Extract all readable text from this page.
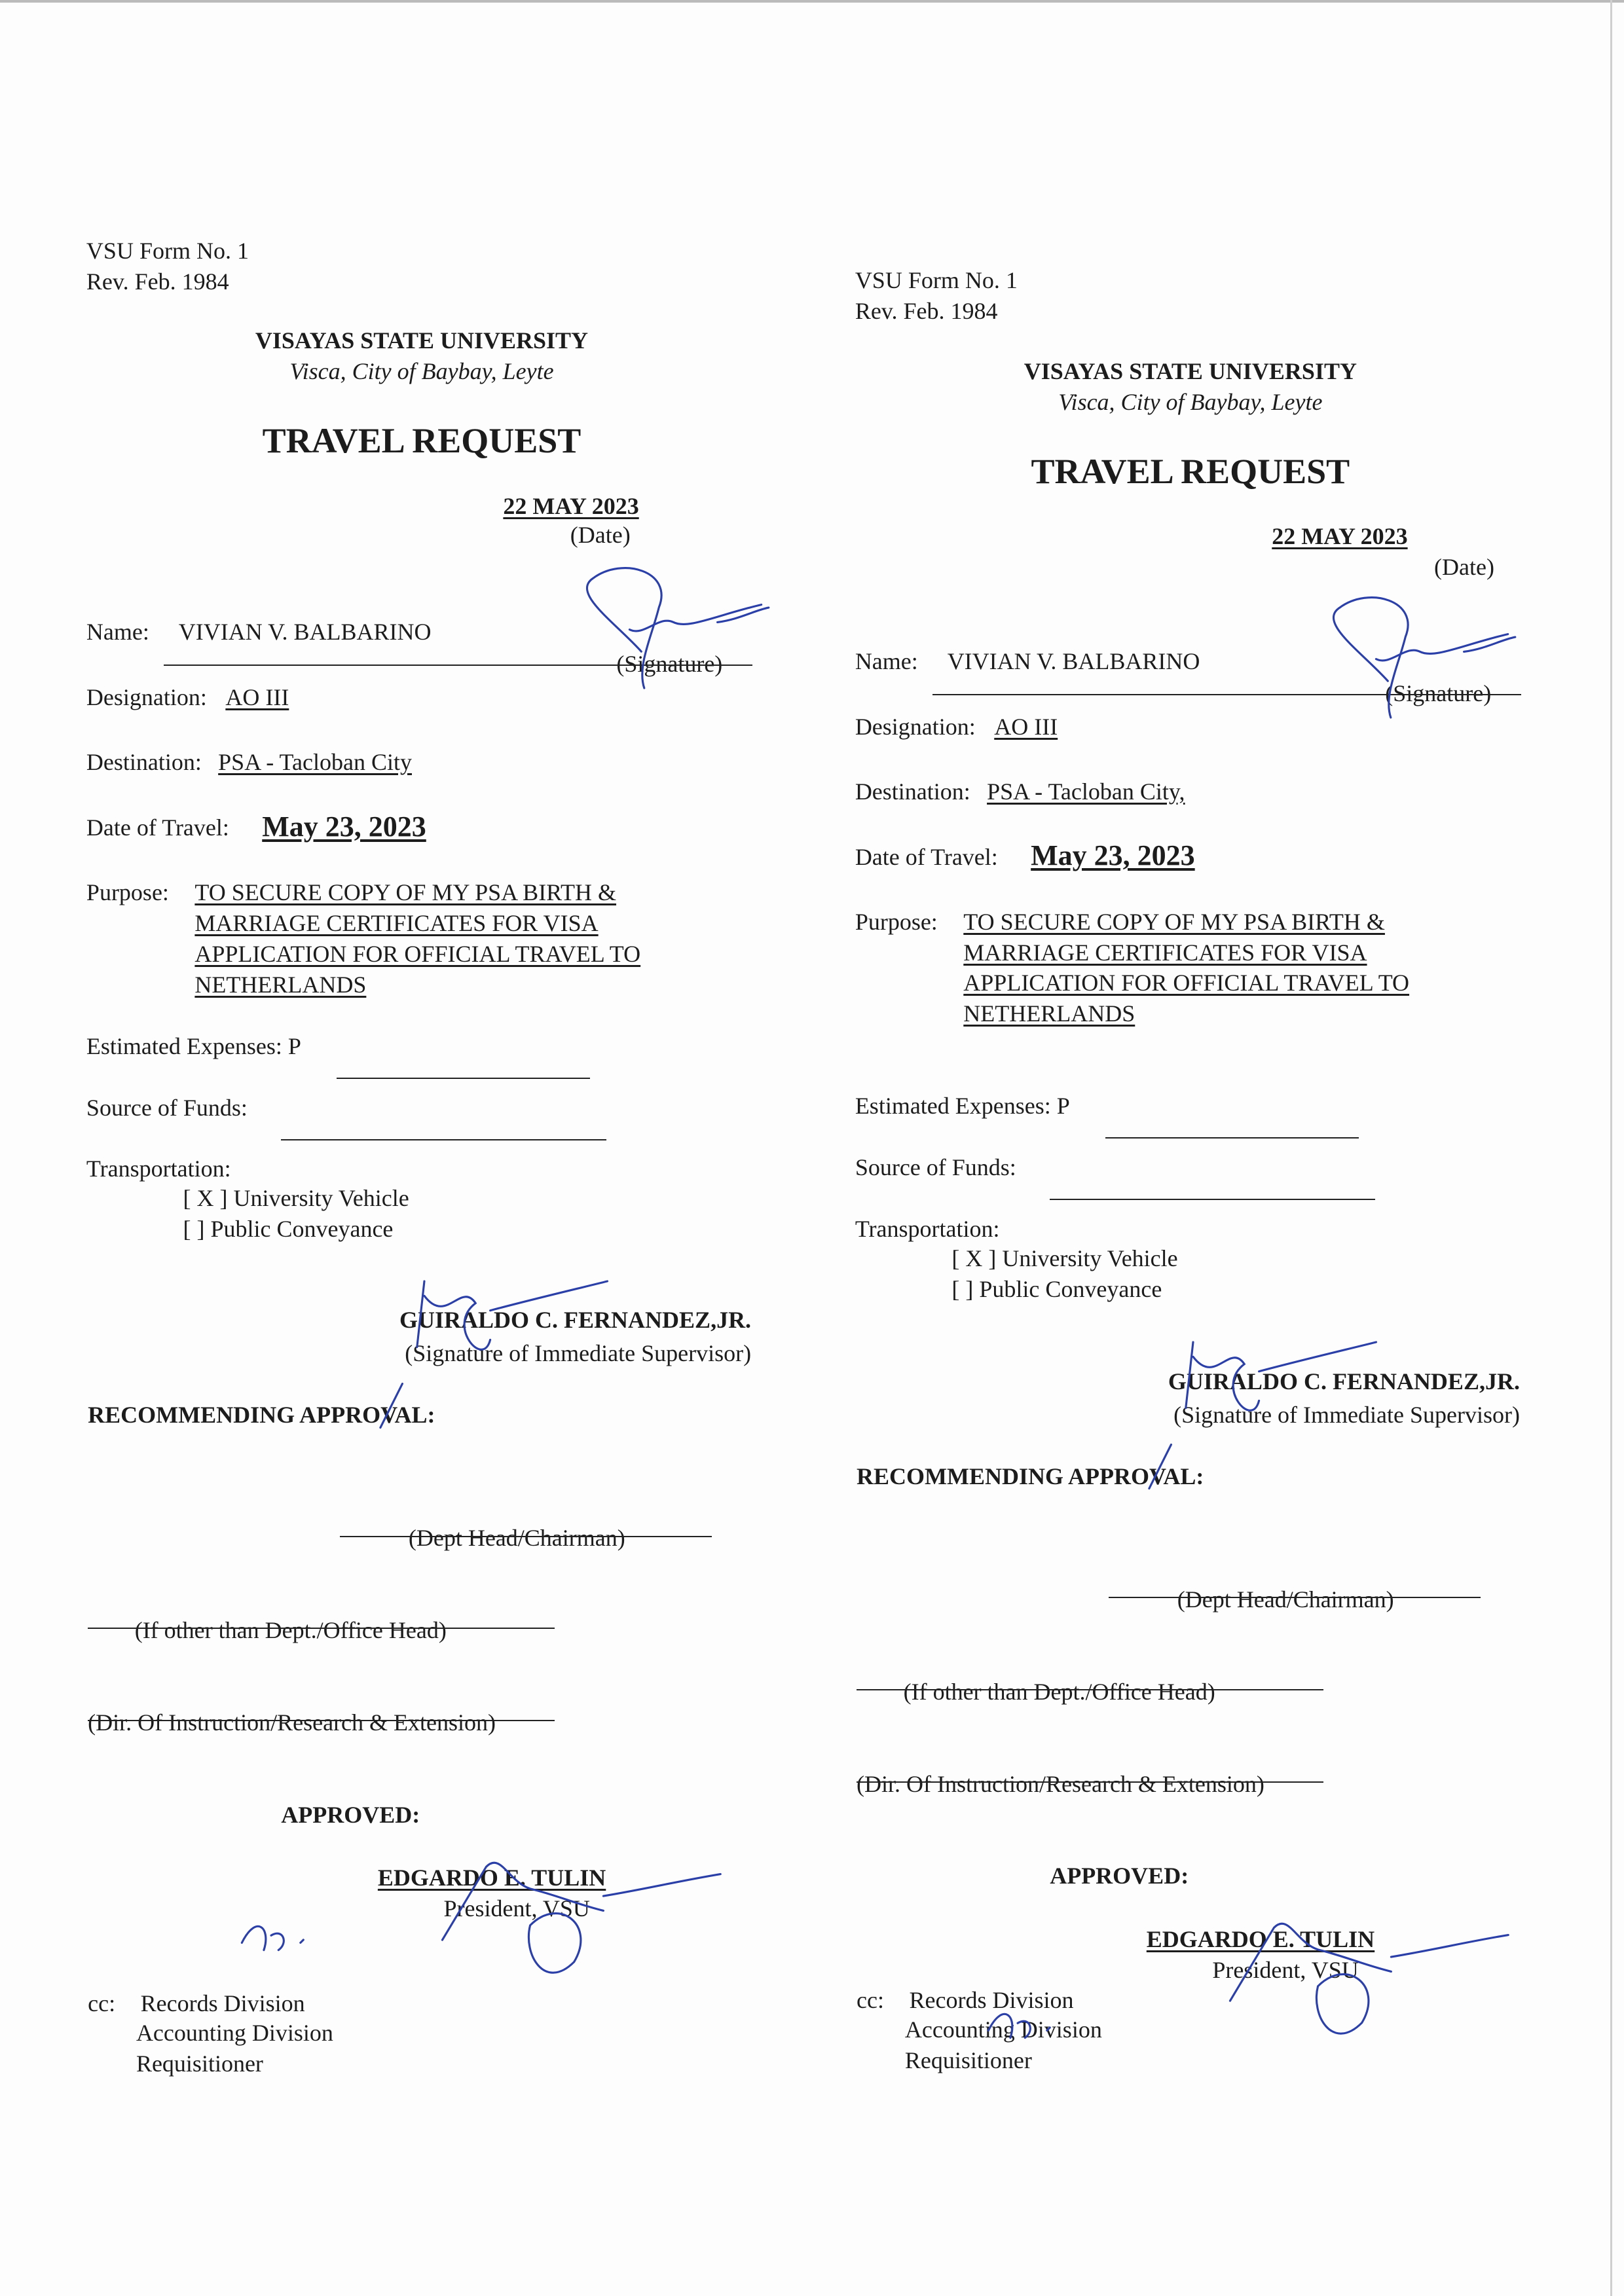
VSU Form No. 1
Rev. Feb. 1984
VISAYAS STATE UNIVERSITY
Visca, City of Baybay, Leyte
TRAVEL REQUEST
22 MAY 2023
(Date)
Name: VIVIAN V. BALBARINO
(Signature)
Designation: AO III
Destination: PSA - Tacloban City
Date of Travel: May 23, 2023
Purpose: TO SECURE COPY OF MY PSA BIRTH &
MARRIAGE CERTIFICATES FOR VISA
APPLICATION FOR OFFICIAL TRAVEL TO
NETHERLANDS
Estimated Expenses: P
Source of Funds:
Transportation:
[ X ] University Vehicle
[ ] Public Conveyance
GUIRALDO C. FERNANDEZ,JR.
(Signature of Immediate Supervisor)
RECOMMENDING APPROVAL:
(Dept Head/Chairman)
(If other than Dept./Office Head)
(Dir. Of Instruction/Research & Extension)
APPROVED:
EDGARDO E. TULIN
President, VSU
cc: Records Division
Accounting Division
Requisitioner
VSU Form No. 1
Rev. Feb. 1984
VISAYAS STATE UNIVERSITY
Visca, City of Baybay, Leyte
TRAVEL REQUEST
22 MAY 2023
(Date)
Name: VIVIAN V. BALBARINO
(Signature)
Designation: AO III
Destination: PSA - Tacloban City,
Date of Travel: May 23, 2023
Purpose: TO SECURE COPY OF MY PSA BIRTH &
MARRIAGE CERTIFICATES FOR VISA
APPLICATION FOR OFFICIAL TRAVEL TO
NETHERLANDS
Estimated Expenses: P
Source of Funds:
Transportation:
[ X ] University Vehicle
[ ] Public Conveyance
GUIRALDO C. FERNANDEZ,JR.
(Signature of Immediate Supervisor)
RECOMMENDING APPROVAL:
(Dept Head/Chairman)
(If other than Dept./Office Head)
(Dir. Of Instruction/Research & Extension)
APPROVED:
EDGARDO E. TULIN
President, VSU
cc: Records Division
Accounting Division
Requisitioner
